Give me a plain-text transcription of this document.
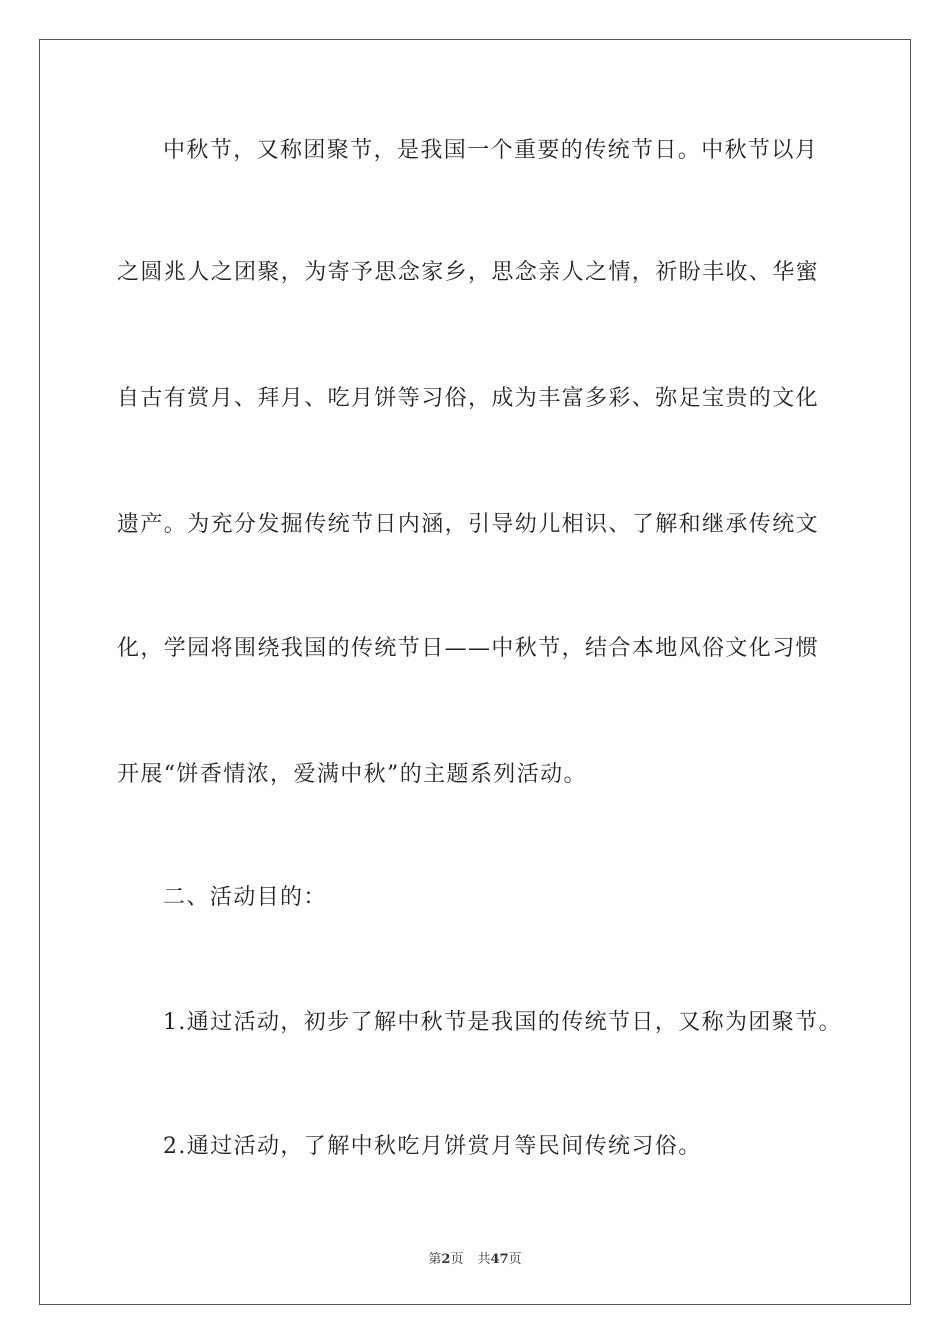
中秋节，又称团聚节，是我国一个重要的传统节日。中秋节以月
之圆兆人之团聚，为寄予思念家乡，思念亲人之情，祈盼丰收、华蜜
自古有赏月、拜月、吃月饼等习俗，成为丰富多彩、弥足宝贵的文化
遗产。为充分发掘传统节日内涵，引导幼儿相识、了解和继承传统文
化，学园将围绕我国的传统节日——中秋节，结合本地风俗文化习惯
开展“饼香情浓，爱满中秋”的主题系列活动。
二、活动目的：
1.通过活动，初步了解中秋节是我国的传统节日，又称为团聚节。
2.通过活动，了解中秋吃月饼赏月等民间传统习俗。
第2页 共47页
